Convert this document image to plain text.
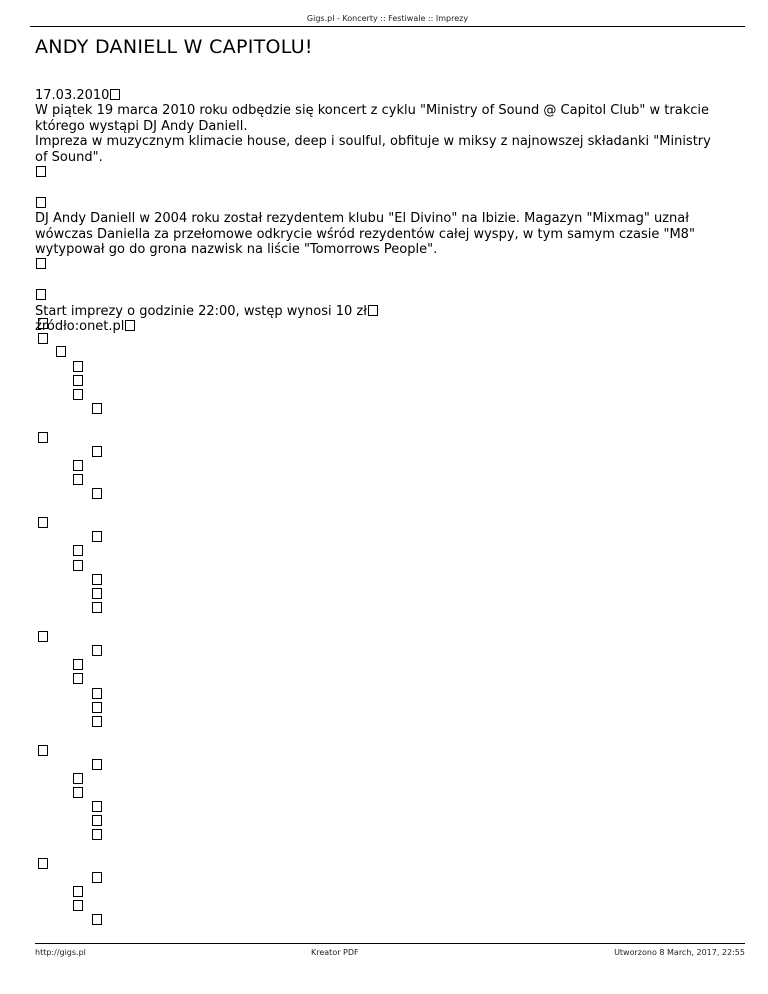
Gigs.pl - Koncerty :: Festiwale :: Imprezy
ANDY DANIELL W CAPITOLU!

17.03.2010

W piątek 19 marca 2010 roku odbędzie się koncert z cyklu "Ministry of Sound @ Capitol Club" w trakcie

którego wystąpi DJ Andy Daniell.

Impreza w muzycznym klimacie house, deep i soulful, obfituje w miksy z najnowszej składanki "Ministry

of Sound".

DJ Andy Daniell w 2004 roku został rezydentem klubu "El Divino" na Ibizie. Magazyn "Mixmag" uznał

wówczas Daniella za przełomowe odkrycie wśród rezydentów całej wyspy, w tym samym czasie "M8"

wytypował go do grona nazwisk na liście "Tomorrows People".

Start imprezy o godzinie 22:00, wstęp wynosi 10 zł

źródło:onet.pl

http://gigs.pl	Kreator PDF	Utworzono 8 March, 2017, 22:55
